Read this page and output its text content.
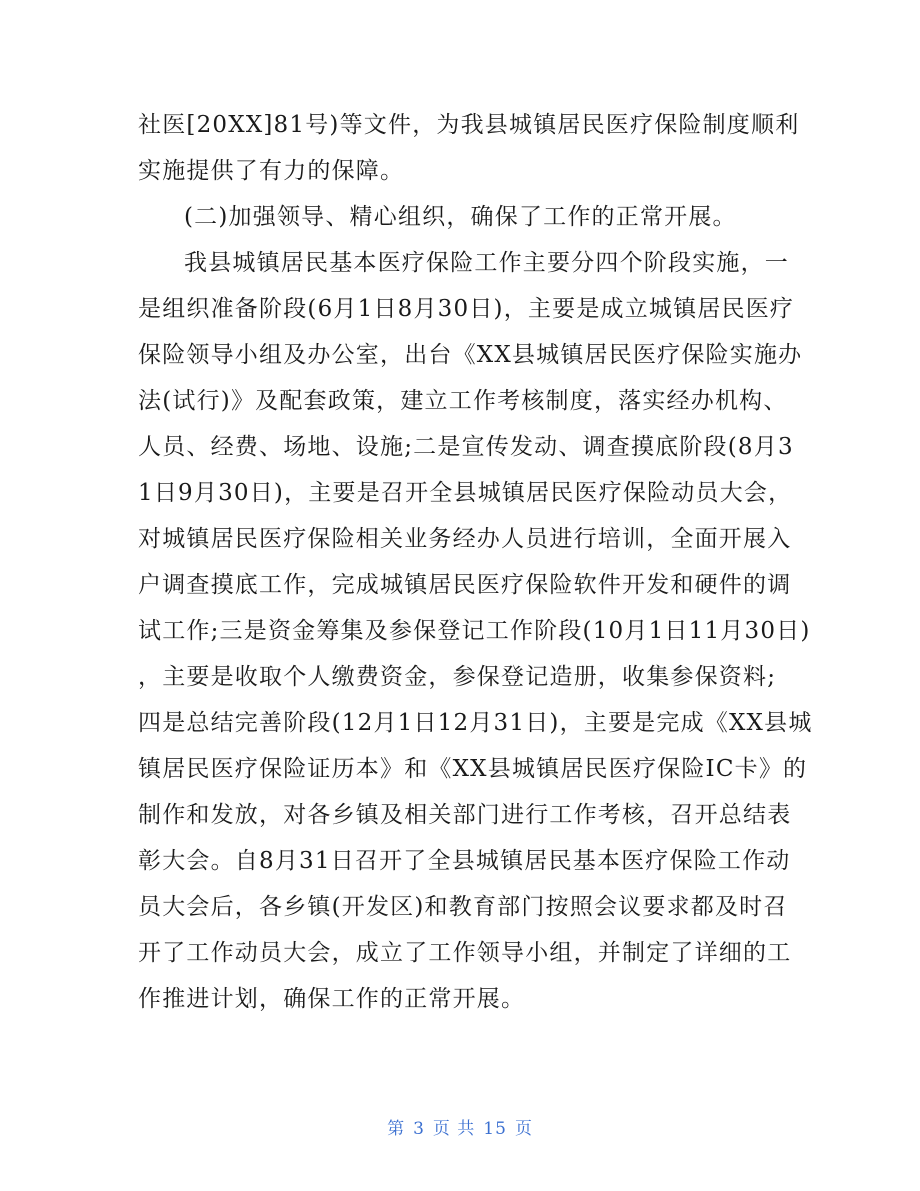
社医[20XX]81号)等文件，为我县城镇居民医疗保险制度顺利
实施提供了有力的保障。
(二)加强领导、精心组织，确保了工作的正常开展。
我县城镇居民基本医疗保险工作主要分四个阶段实施，一
是组织准备阶段(6月1日8月30日)，主要是成立城镇居民医疗
保险领导小组及办公室，出台《XX县城镇居民医疗保险实施办
法(试行)》及配套政策，建立工作考核制度，落实经办机构、
人员、经费、场地、设施;二是宣传发动、调查摸底阶段(8月3
1日9月30日)，主要是召开全县城镇居民医疗保险动员大会，
对城镇居民医疗保险相关业务经办人员进行培训，全面开展入
户调查摸底工作，完成城镇居民医疗保险软件开发和硬件的调
试工作;三是资金筹集及参保登记工作阶段(10月1日11月30日)
，主要是收取个人缴费资金，参保登记造册，收集参保资料;
四是总结完善阶段(12月1日12月31日)，主要是完成《XX县城
镇居民医疗保险证历本》和《XX县城镇居民医疗保险IC卡》的
制作和发放，对各乡镇及相关部门进行工作考核，召开总结表
彰大会。自8月31日召开了全县城镇居民基本医疗保险工作动
员大会后，各乡镇(开发区)和教育部门按照会议要求都及时召
开了工作动员大会，成立了工作领导小组，并制定了详细的工
作推进计划，确保工作的正常开展。
第 3 页 共 15 页
